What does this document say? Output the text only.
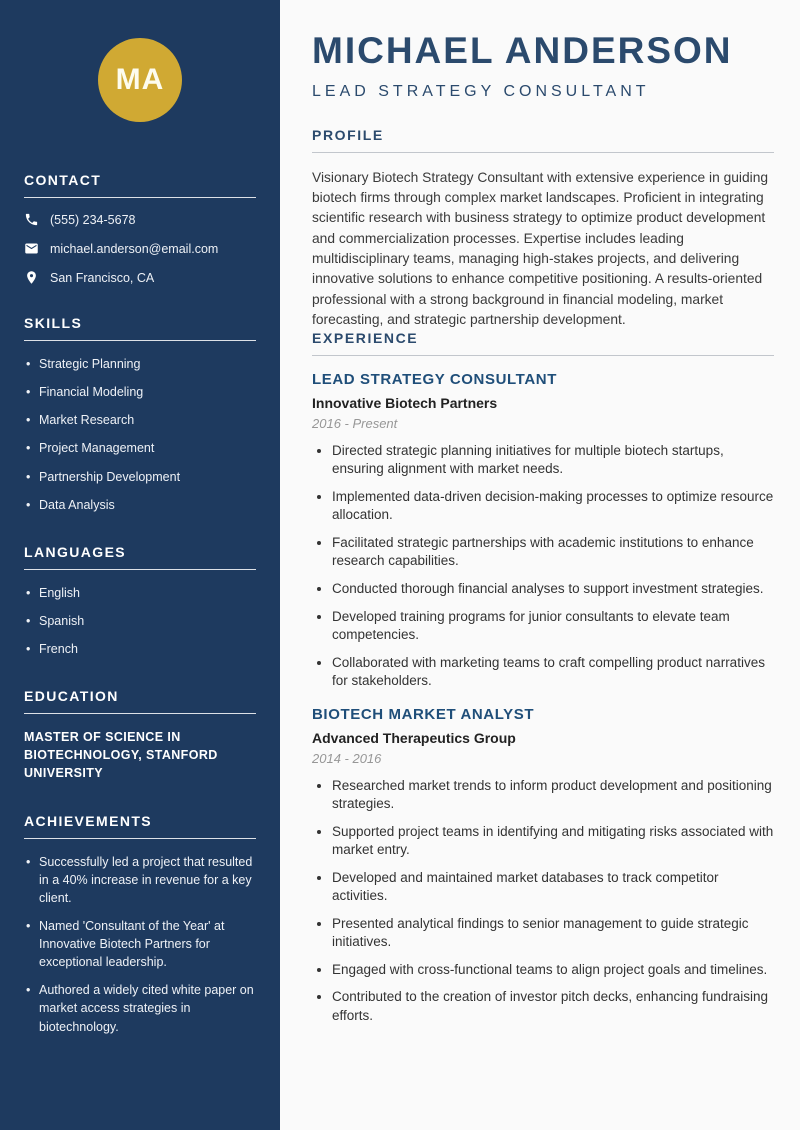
MA
CONTACT
(555) 234-5678
michael.anderson@email.com
San Francisco, CA
SKILLS
• Strategic Planning
• Financial Modeling
• Market Research
• Project Management
• Partnership Development
• Data Analysis
LANGUAGES
• English
• Spanish
• French
EDUCATION
MASTER OF SCIENCE IN BIOTECHNOLOGY, STANFORD UNIVERSITY
ACHIEVEMENTS
• Successfully led a project that resulted in a 40% increase in revenue for a key client.
• Named 'Consultant of the Year' at Innovative Biotech Partners for exceptional leadership.
• Authored a widely cited white paper on market access strategies in biotechnology.
MICHAEL ANDERSON
LEAD STRATEGY CONSULTANT
PROFILE

Visionary Biotech Strategy Consultant with extensive experience in guiding biotech firms through complex market landscapes. Proficient in integrating scientific research with business strategy to optimize product development and commercialization processes. Expertise includes leading multidisciplinary teams, managing high-stakes projects, and delivering innovative solutions to enhance competitive positioning. A results-oriented professional with a strong background in financial modeling, market forecasting, and strategic partnership development.

EXPERIENCE
LEAD STRATEGY CONSULTANT
Innovative Biotech Partners
2016 - Present
• Directed strategic planning initiatives for multiple biotech startups, ensuring alignment with market needs.
• Implemented data-driven decision-making processes to optimize resource allocation.
• Facilitated strategic partnerships with academic institutions to enhance research capabilities.
• Conducted thorough financial analyses to support investment strategies.
• Developed training programs for junior consultants to elevate team competencies.
• Collaborated with marketing teams to craft compelling product narratives for stakeholders.
BIOTECH MARKET ANALYST
Advanced Therapeutics Group
2014 - 2016
• Researched market trends to inform product development and positioning strategies.
• Supported project teams in identifying and mitigating risks associated with market entry.
• Developed and maintained market databases to track competitor activities.
• Presented analytical findings to senior management to guide strategic initiatives.
• Engaged with cross-functional teams to align project goals and timelines.
• Contributed to the creation of investor pitch decks, enhancing fundraising efforts.
